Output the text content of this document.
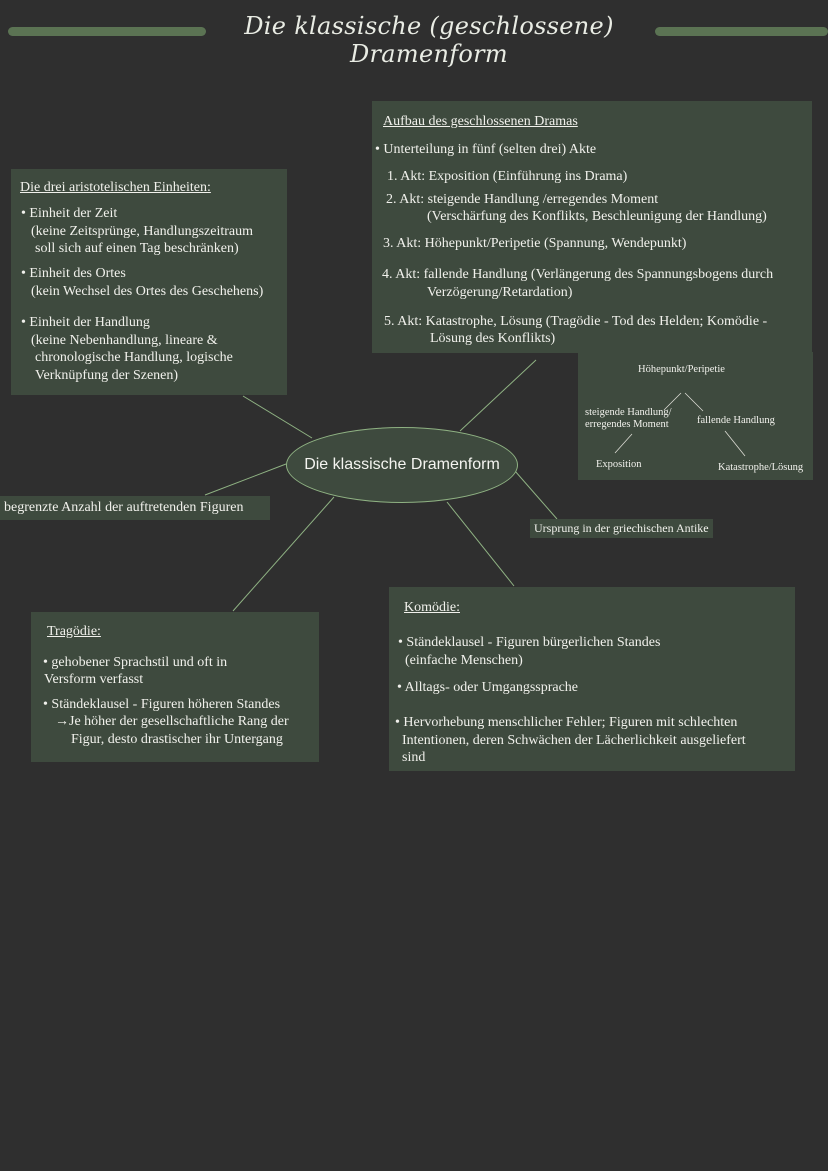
Die klassische (geschlossene) Dramenform
Die drei aristotelischen Einheiten:
• Einheit der Zeit
(keine Zeitsprünge, Handlungszeitraum
soll sich auf einen Tag beschränken)
• Einheit des Ortes
(kein Wechsel des Ortes des Geschehens)
• Einheit der Handlung
(keine Nebenhandlung, lineare &
chronologische Handlung, logische
Verknüpfung der Szenen)
Aufbau des geschlossenen Dramas
• Unterteilung in fünf (selten drei) Akte
1. Akt: Exposition (Einführung ins Drama)
2. Akt: steigende Handlung /erregendes Moment
(Verschärfung des Konflikts, Beschleunigung der Handlung)
3. Akt: Höhepunkt/Peripetie (Spannung, Wendepunkt)
4. Akt: fallende Handlung (Verlängerung des Spannungsbogens durch
Verzögerung/Retardation)
5. Akt: Katastrophe, Lösung (Tragödie - Tod des Helden; Komödie -
Lösung des Konflikts)
Höhepunkt/Peripetie
steigende Handlung/
erregendes Moment	fallende Handlung
Exposition	Katastrophe/Lösung
Die klassische Dramenform
begrenzte Anzahl der auftretenden Figuren
Ursprung in der griechischen Antike
Tragödie:
• gehobener Sprachstil und oft in
Versform verfasst
• Ständeklausel - Figuren höheren Standes
→Je höher der gesellschaftliche Rang der
Figur, desto drastischer ihr Untergang
Komödie:
• Ständeklausel - Figuren bürgerlichen Standes
(einfache Menschen)
• Alltags- oder Umgangssprache
• Hervorhebung menschlicher Fehler; Figuren mit schlechten
Intentionen, deren Schwächen der Lächerlichkeit ausgeliefert
sind
